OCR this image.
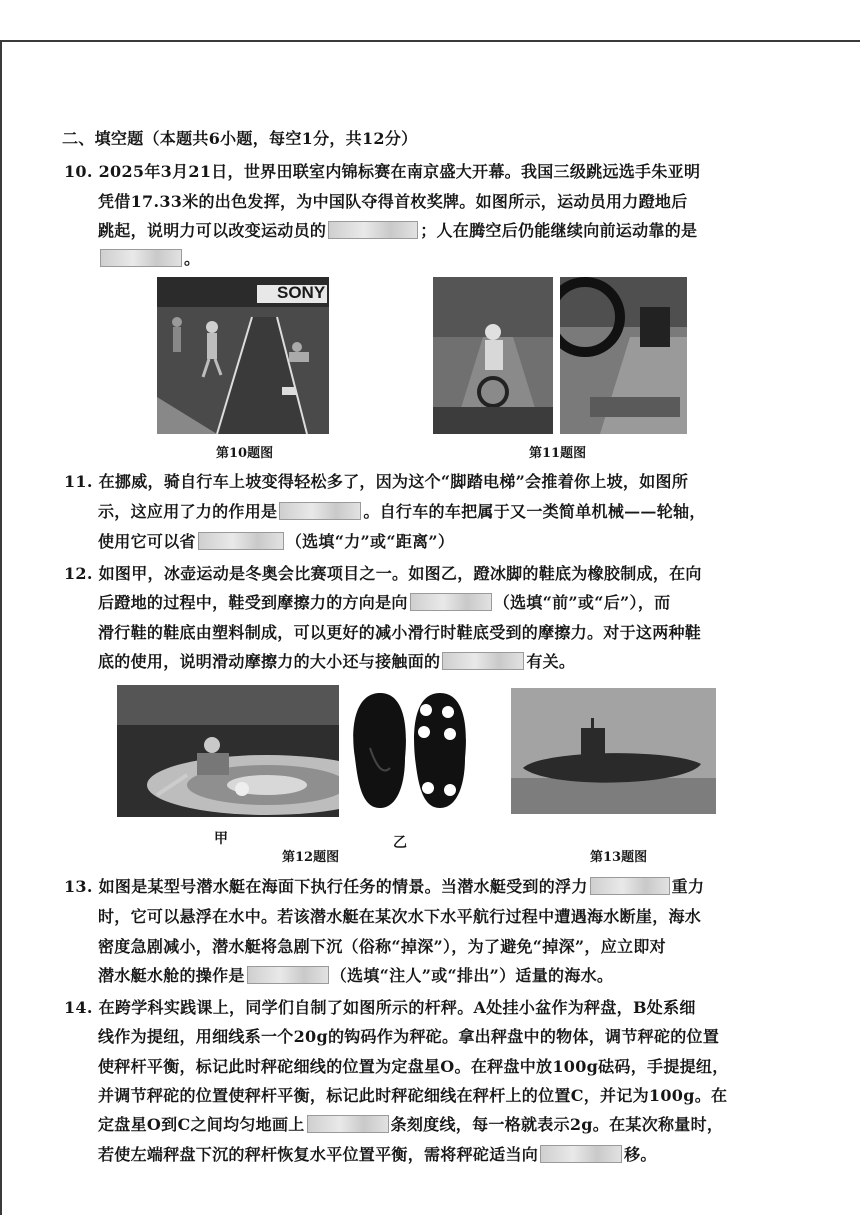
二、填空题（本题共6小题，每空1分，共12分）
10. 2025年3月21日，世界田联室内锦标赛在南京盛大开幕。我国三级跳远选手朱亚明
凭借17.33米的出色发挥，为中国队夺得首枚奖牌。如图所示，运动员用力蹬地后
跳起，说明力可以改变运动员的	；人在腾空后仍能继续向前运动靠的是
。
SONY
第10题图	第11题图
11. 在挪威，骑自行车上坡变得轻松多了，因为这个“脚踏电梯”会推着你上坡，如图所
示，这应用了力的作用是	。自行车的车把属于又一类简单机械——轮轴，
使用它可以省	（选填“力”或“距离”）
12. 如图甲，冰壶运动是冬奥会比赛项目之一。如图乙，蹬冰脚的鞋底为橡胶制成，在向
后蹬地的过程中，鞋受到摩擦力的方向是向	（选填“前”或“后”），而
滑行鞋的鞋底由塑料制成，可以更好的减小滑行时鞋底受到的摩擦力。对于这两种鞋
底的使用，说明滑动摩擦力的大小还与接触面的	有关。
甲	乙
第12题图	第13题图
13. 如图是某型号潜水艇在海面下执行任务的情景。当潜水艇受到的浮力	重力
时，它可以悬浮在水中。若该潜水艇在某次水下水平航行过程中遭遇海水断崖，海水
密度急剧减小，潜水艇将急剧下沉（俗称“掉深”），为了避免“掉深”，应立即对
潜水艇水舱的操作是	（选填“注人”或“排出”）适量的海水。
14. 在跨学科实践课上，同学们自制了如图所示的杆秤。A处挂小盆作为秤盘，B处系细
线作为提纽，用细线系一个20g的钩码作为秤砣。拿出秤盘中的物体，调节秤砣的位置
使秤杆平衡，标记此时秤砣细线的位置为定盘星O。在秤盘中放100g砝码，手提提纽，
并调节秤砣的位置使秤杆平衡，标记此时秤砣细线在秤杆上的位置C，并记为100g。在
定盘星O到C之间均匀地画上	条刻度线，每一格就表示2g。在某次称量时，
若使左端秤盘下沉的秤杆恢复水平位置平衡，需将秤砣适当向	移。
